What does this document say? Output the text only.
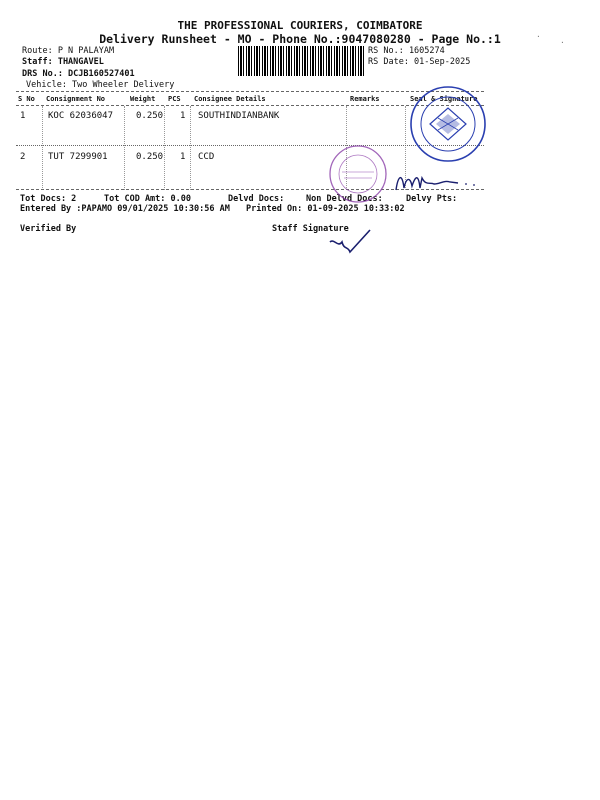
THE PROFESSIONAL COURIERS, COIMBATORE
Delivery Runsheet - MO - Phone No.:9047080280 - Page No.:1
Route: P N PALAYAM
Staff: THANGAVEL
DRS No.: DCJB160527401
Vehicle: Two Wheeler Delivery
RS No.: 1605274
RS Date: 01-Sep-2025
S No Consignment No	Weight PCS Consignee Details	Remarks	Seal & Signature
1	KOC 62036047	0.250 1 SOUTHINDIANBANK
2	TUT 7299901	0.250 1 CCD
Tot Docs: 2	Tot COD Amt: 0.00	Delvd Docs:	Non Delvd Docs:	Delvy Pts:
Entered By :PAPAMO 09/01/2025 10:30:56 AM Printed On: 01-09-2025 10:33:02
Verified By	Staff Signature
.
.
